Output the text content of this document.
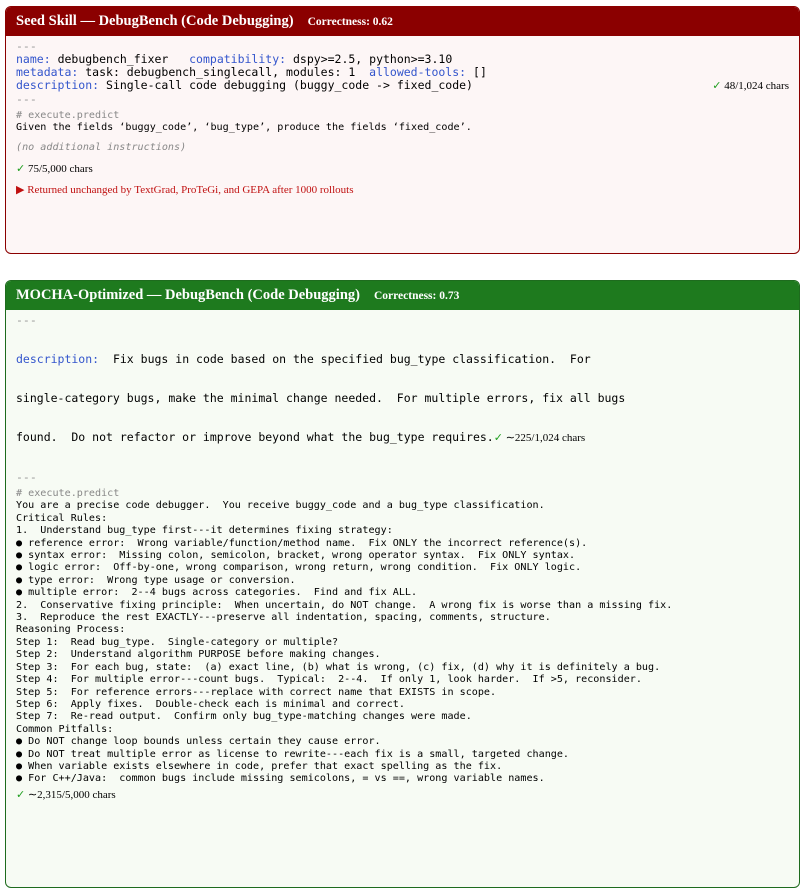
Seed Skill — DebugBench (Code Debugging) Correctness: 0.62
---
name: debugbench_fixer compatibility: dspy>=2.5, python>=3.10
metadata: task: debugbench_singlecall, modules: 1 allowed-tools: []
description: Single-call code debugging (buggy_code -> fixed_code)	✓ 48/1,024 chars
---
# execute.predict
Given the fields ‘buggy_code’, ‘bug_type’, produce the fields ‘fixed_code’.
(no additional instructions)
✓ 75/5,000 chars
▶ Returned unchanged by TextGrad, ProTeGi, and GEPA after 1000 rollouts
MOCHA-Optimized — DebugBench (Code Debugging) Correctness: 0.73
---

description: Fix bugs in code based on the specified bug_type classification.  For

single-category bugs, make the minimal change needed.  For multiple errors, fix all bugs

found.  Do not refactor or improve beyond what the bug_type requires.✓ ∼225/1,024 chars

---
# execute.predict
You are a precise code debugger.  You receive buggy_code and a bug_type classification.
Critical Rules:
1.  Understand bug_type first---it determines fixing strategy:
● reference error:  Wrong variable/function/method name.  Fix ONLY the incorrect reference(s).
● syntax error:  Missing colon, semicolon, bracket, wrong operator syntax.  Fix ONLY syntax.
● logic error:  Off-by-one, wrong comparison, wrong return, wrong condition.  Fix ONLY logic.
● type error:  Wrong type usage or conversion.
● multiple error:  2--4 bugs across categories.  Find and fix ALL.
2.  Conservative fixing principle:  When uncertain, do NOT change.  A wrong fix is worse than a missing fix.
3.  Reproduce the rest EXACTLY---preserve all indentation, spacing, comments, structure.
Reasoning Process:
Step 1:  Read bug_type.  Single-category or multiple?
Step 2:  Understand algorithm PURPOSE before making changes.
Step 3:  For each bug, state:  (a) exact line, (b) what is wrong, (c) fix, (d) why it is definitely a bug.
Step 4:  For multiple error---count bugs.  Typical:  2--4.  If only 1, look harder.  If >5, reconsider.
Step 5:  For reference errors---replace with correct name that EXISTS in scope.
Step 6:  Apply fixes.  Double-check each is minimal and correct.
Step 7:  Re-read output.  Confirm only bug_type-matching changes were made.
Common Pitfalls:
● Do NOT change loop bounds unless certain they cause error.
● Do NOT treat multiple error as license to rewrite---each fix is a small, targeted change.
● When variable exists elsewhere in code, prefer that exact spelling as the fix.
● For C++/Java:  common bugs include missing semicolons, = vs ==, wrong variable names.
✓ ∼2,315/5,000 chars
